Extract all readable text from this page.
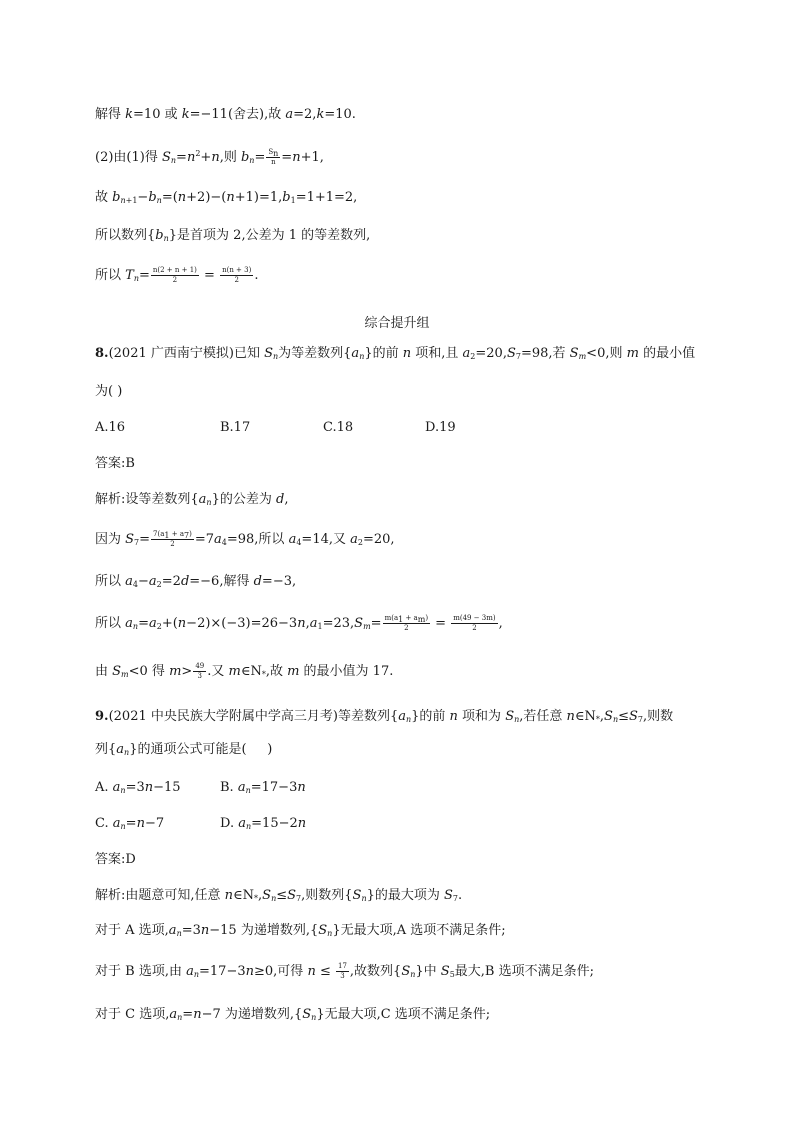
解得 k=10 或 k=−11(舍去),故 a=2,k=10.
(2)由(1)得 $S_n=n^2+n$,则 $b_n= \frac{S_n}{n} =n+1$,
故 $b_{n+1}-b_n=(n+2)-(n+1)=1,b_1=1+1=2$,
所以数列$\{b_n\}$是首项为 2,公差为 1 的等差数列,
所以 $T_n= \frac{n(2 + n + 1)}{2} = \frac{n(n + 3)}{2}$ .
综合提升组
8.(2021 广西南宁模拟)已知 $S_n$为等差数列$\{a_n\}$的前 n 项和,且 $a_2=20,S_7=98$,若 $S_m<0$,则 m 的最小值
为( )
A.16	B.17	C.18	D.19
答案:B
解析:设等差数列$\{a_n\}$的公差为 d,
因为 $S_7= \frac{7(a_1 + a_7)}{2} =7a_4=98$,所以 $a_4=14$,又 $a_2=20$,
所以 $a_4-a_2=2d=-6$,解得 d=−3,
所以 $a_n=a_2+(n-2)\times(-3)=26-3n,a_1=23,S_m= \frac{m(a_1 + a_m)}{2} = \frac{m(49 - 3m)}{2}$ ,
由 $S_m<0$ 得 $m> \frac{49}{3}$ .又 $m\in N_*$,故 m 的最小值为 17.
9.(2021 中央民族大学附属中学高三月考)等差数列$\{a_n\}$的前 n 项和为 $S_n$,若任意 $n\in N_*,S_n\le S_7$,则数
列$\{a_n\}$的通项公式可能是(     )
A. $a_n=3n-15$	B. $a_n=17-3n$
C. $a_n=n-7$	D. $a_n=15-2n$
答案:D
解析:由题意可知,任意 $n\in N_*,S_n\le S_7$,则数列$\{S_n\}$的最大项为 $S_7$.
对于 A 选项$,a_n=3n-15$ 为递增数列$,\{S_n\}$无最大项,A 选项不满足条件;
对于 B 选项,由 $a_n=17-3n\ge 0$,可得 $n \le \frac{17}{3}$ ,故数列$\{S_n\}$中 $S_5$最大,B 选项不满足条件;
对于 C 选项$,a_n=n-7$ 为递增数列$,\{S_n\}$无最大项,C 选项不满足条件;
